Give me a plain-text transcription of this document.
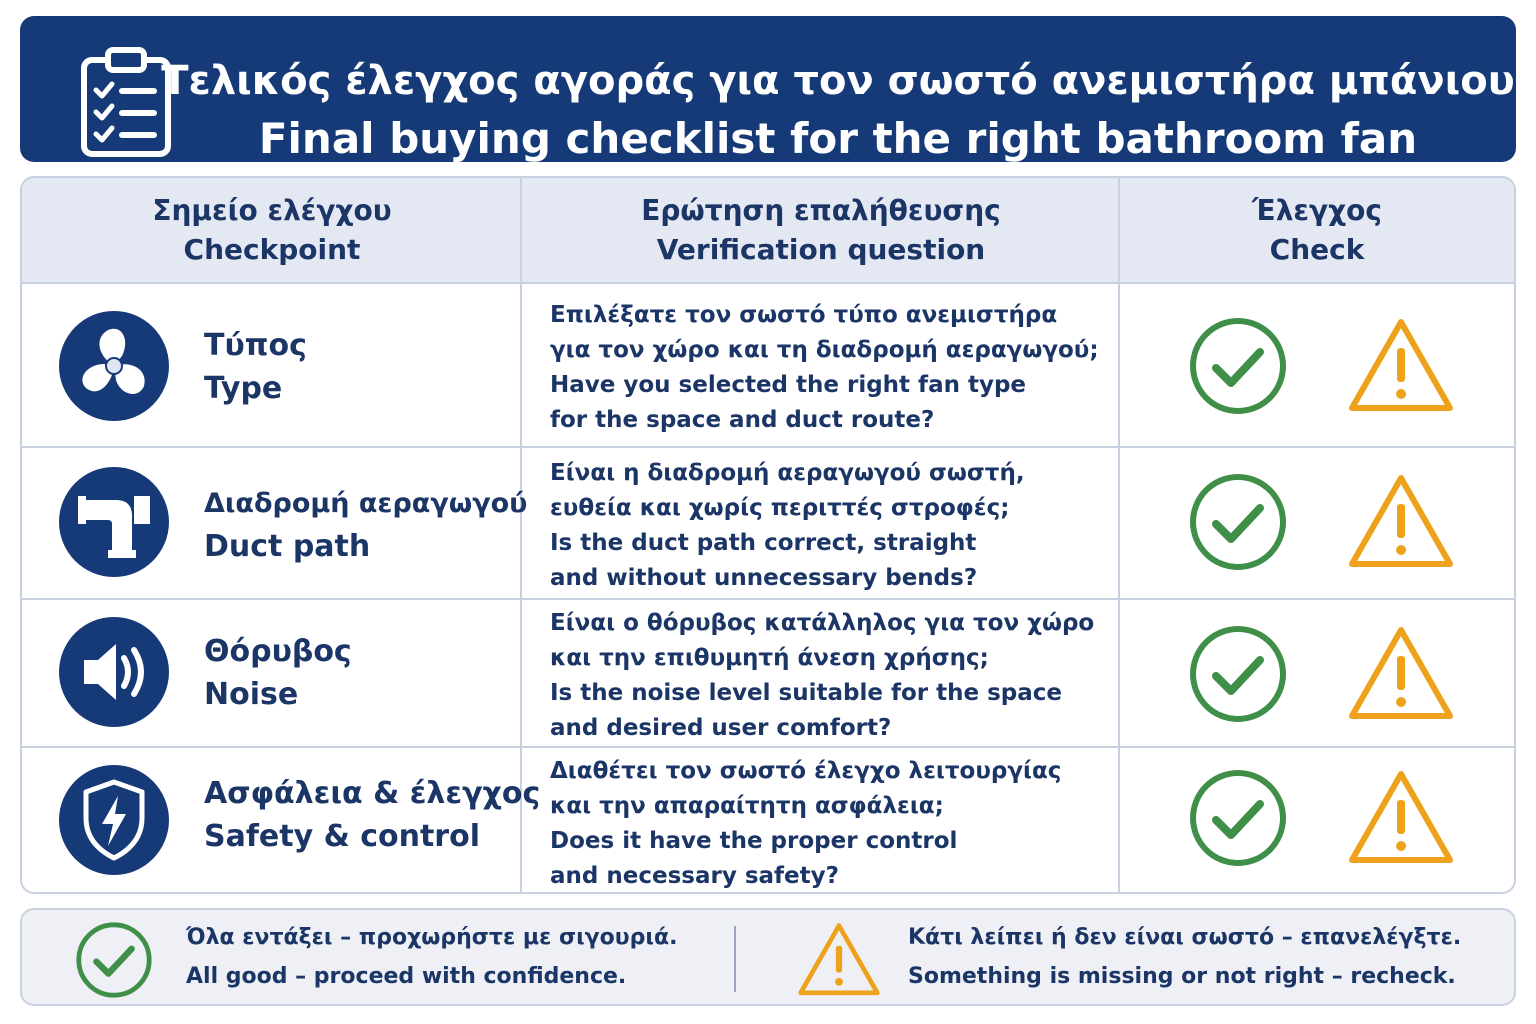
Τελικός έλεγχος αγοράς για τον σωστό ανεμιστήρα μπάνιου
Final buying checklist for the right bathroom fan
Σημείο ελέγχου
Checkpoint
Ερώτηση επαλήθευσης
Verification question
Έλεγχος
Check
Τύπος
Type
Επιλέξατε τον σωστό τύπο ανεμιστήρα
για τον χώρο και τη διαδρομή αεραγωγού;
Have you selected the right fan type
for the space and duct route?
Διαδρομή αεραγωγού
Duct path
Είναι η διαδρομή αεραγωγού σωστή,
ευθεία και χωρίς περιττές στροφές;
Is the duct path correct, straight
and without unnecessary bends?
Θόρυβος
Noise
Είναι ο θόρυβος κατάλληλος για τον χώρο
και την επιθυμητή άνεση χρήσης;
Is the noise level suitable for the space
and desired user comfort?
Ασφάλεια & έλεγχος
Safety & control
Διαθέτει τον σωστό έλεγχο λειτουργίας
και την απαραίτητη ασφάλεια;
Does it have the proper control
and necessary safety?
Όλα εντάξει – προχωρήστε με σιγουριά.
All good – proceed with confidence.
Κάτι λείπει ή δεν είναι σωστό – επανελέγξτε.
Something is missing or not right – recheck.
